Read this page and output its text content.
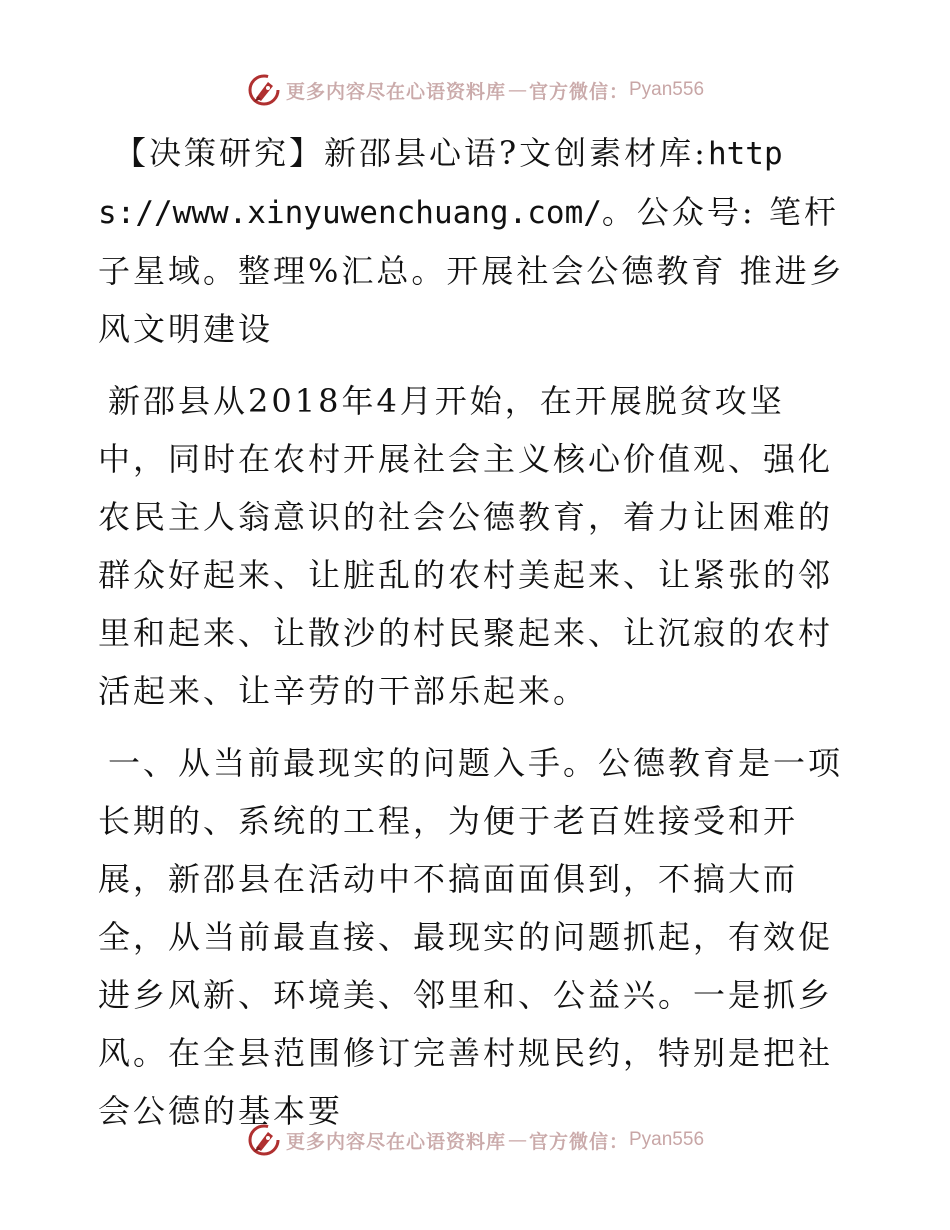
更多内容尽在心语资料库 — 官方微信： Pyan556

【决策研究】新邵县心语?文创素材库:https://www.xinyuwenchuang.com/。公众号: 笔杆子星域。整理%汇总。开展社会公德教育 推进乡风文明建设

新邵县从2018年4月开始，在开展脱贫攻坚中，同时在农村开展社会主义核心价值观、强化农民主人翁意识的社会公德教育，着力让困难的群众好起来、让脏乱的农村美起来、让紧张的邻里和起来、让散沙的村民聚起来、让沉寂的农村活起来、让辛劳的干部乐起来。

一、从当前最现实的问题入手。公德教育是一项长期的、系统的工程，为便于老百姓接受和开展，新邵县在活动中不搞面面俱到，不搞大而全，从当前最直接、最现实的问题抓起，有效促进乡风新、环境美、邻里和、公益兴。一是抓乡风。在全县范围修订完善村规民约，特别是把社会公德的基本要

更多内容尽在心语资料库 — 官方微信： Pyan556
